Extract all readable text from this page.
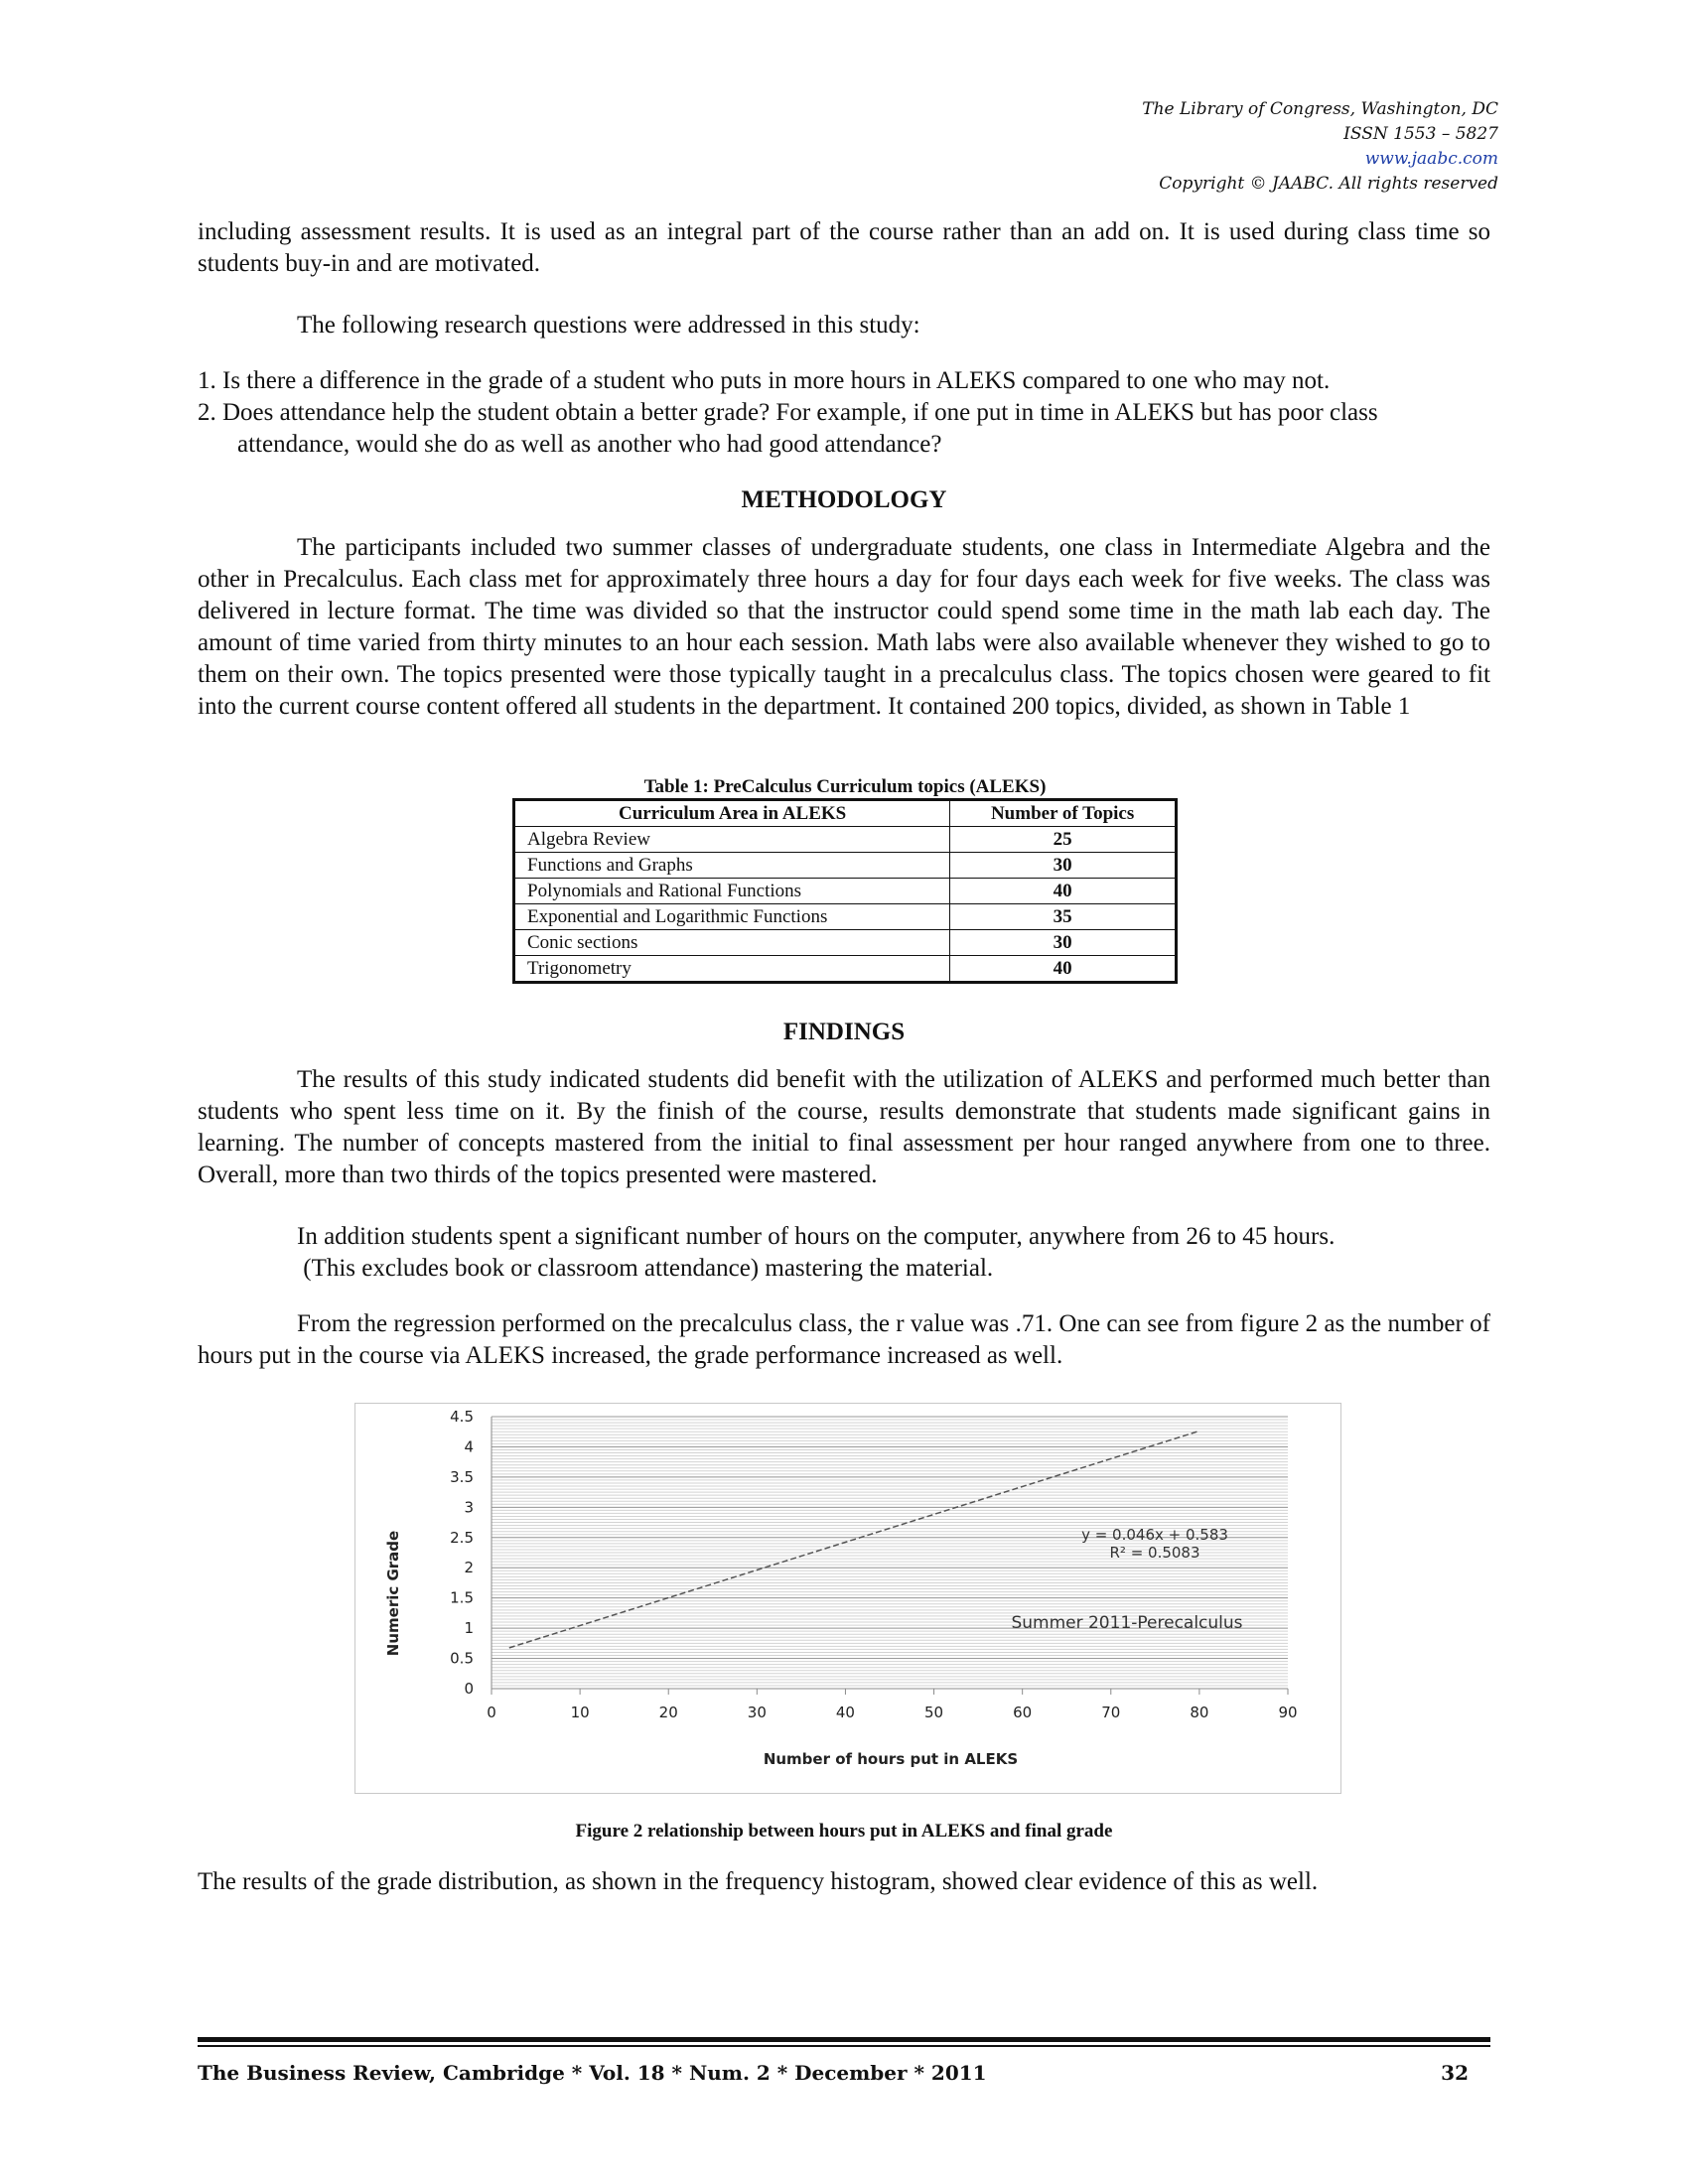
The Library of Congress, Washington, DC
ISSN 1553 – 5827
www.jaabc.com
Copyright © JAABC. All rights reserved

including assessment results. It is used as an integral part of the course rather than an add on. It is used during class time so students buy-in and are motivated.

The following research questions were addressed in this study:

1. Is there a difference in the grade of a student who puts in more hours in ALEKS compared to one who may not.

2. Does attendance help the student obtain a better grade? For example, if one put in time in ALEKS but has poor class attendance, would she do as well as another who had good attendance?

METHODOLOGY

The participants included two summer classes of undergraduate students, one class in Intermediate Algebra and the other in Precalculus. Each class met for approximately three hours a day for four days each week for five weeks. The class was delivered in lecture format. The time was divided so that the instructor could spend some time in the math lab each day. The amount of time varied from thirty minutes to an hour each session. Math labs were also available whenever they wished to go to them on their own. The topics presented were those typically taught in a precalculus class. The topics chosen were geared to fit into the current course content offered all students in the department. It contained 200 topics, divided, as shown in Table 1

Table 1: PreCalculus Curriculum topics (ALEKS)
Curriculum Area in ALEKS	Number of Topics
Algebra Review	25
Functions and Graphs	30
Polynomials and Rational Functions	40
Exponential and Logarithmic Functions	35
Conic sections	30
Trigonometry	40
FINDINGS

The results of this study indicated students did benefit with the utilization of ALEKS and performed much better than students who spent less time on it. By the finish of the course, results demonstrate that students made significant gains in learning. The number of concepts mastered from the initial to final assessment per hour ranged anywhere from one to three. Overall, more than two thirds of the topics presented were mastered.

In addition students spent a significant number of hours on the computer, anywhere from 26 to 45 hours.

(This excludes book or classroom attendance) mastering the material.

From the regression performed on the precalculus class, the r value was .71. One can see from figure 2 as the number of hours put in the course via ALEKS increased, the grade performance increased as well.

0
0.5
1
1.5
2
2.5
3
3.5
4
4.5
0	10	20	30	40	50	60	70	80	90
Numeric Grade
Number of hours put in ALEKS
y = 0.046x + 0.583
R² = 0.5083
Summer 2011-Perecalculus
Figure 2 relationship between hours put in ALEKS and final grade

The results of the grade distribution, as shown in the frequency histogram, showed clear evidence of this as well.

The Business Review, Cambridge * Vol. 18 * Num. 2 * December * 2011	32
